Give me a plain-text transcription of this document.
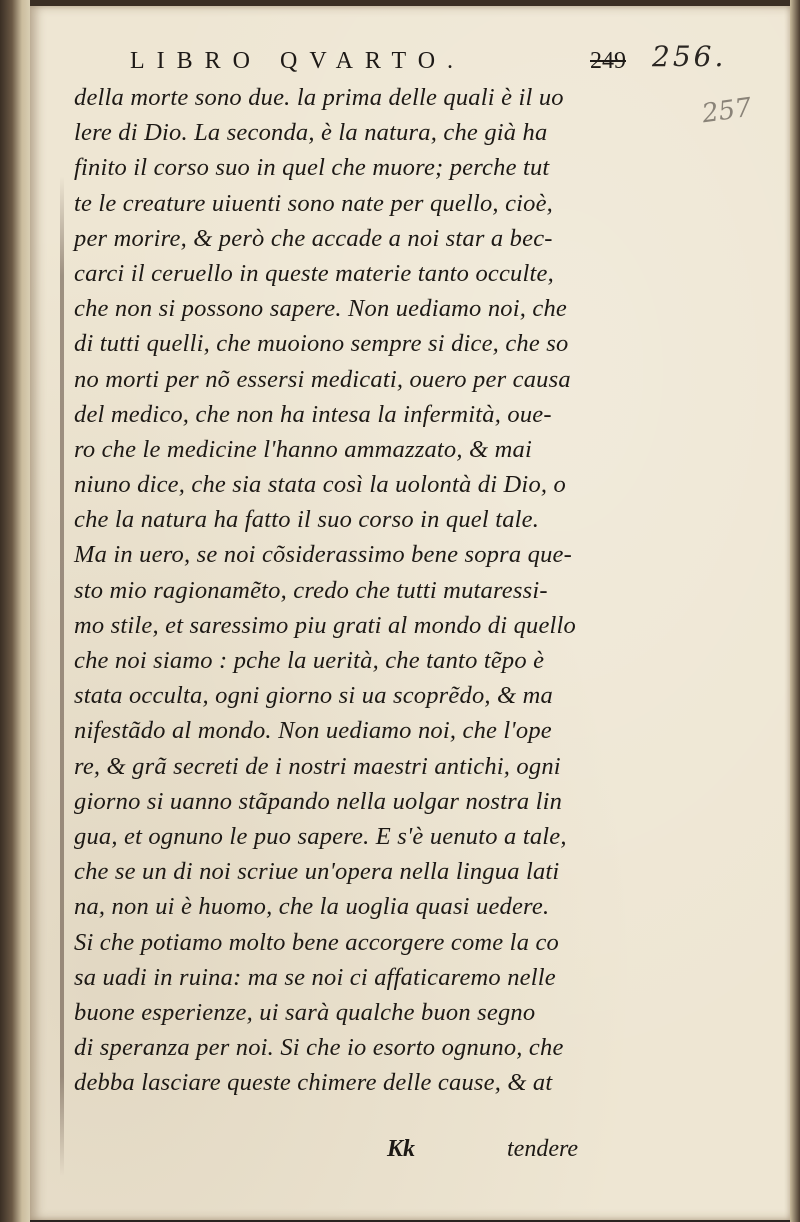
LIBRO QVARTO.	249 256.
257
della morte sono due. la prima delle quali è il uo
lere di Dio. La seconda, è la natura, che già ha
finito il corso suo in quel che muore; perche tut
te le creature uiuenti sono nate per quello, cioè,
per morire, & però che accade a noi star a bec-
carci il ceruello in queste materie tanto occulte,
che non si possono sapere. Non uediamo noi, che
di tutti quelli, che muoiono sempre si dice, che so
no morti per nõ essersi medicati, ouero per causa
del medico, che non ha intesa la infermità, oue-
ro che le medicine l'hanno ammazzato, & mai
niuno dice, che sia stata così la uolontà di Dio, o
che la natura ha fatto il suo corso in quel tale.
Ma in uero, se noi cõsiderassimo bene sopra que-
sto mio ragionamẽto, credo che tutti mutaressi-
mo stile, et saressimo piu grati al mondo di quello
che noi siamo : pche la uerità, che tanto tẽpo è
stata occulta, ogni giorno si ua scoprẽdo, & ma
nifestãdo al mondo. Non uediamo noi, che l'ope
re, & grã secreti de i nostri maestri antichi, ogni
giorno si uanno stãpando nella uolgar nostra lin
gua, et ognuno le puo sapere. E s'è uenuto a tale,
che se un di noi scriue un'opera nella lingua lati
na, non ui è huomo, che la uoglia quasi uedere.
Si che potiamo molto bene accorgere come la co
sa uadi in ruina: ma se noi ci affaticaremo nelle
buone esperienze, ui sarà qualche buon segno
di speranza per noi. Si che io esorto ognuno, che
debba lasciare queste chimere delle cause, & at
Kk	tendere
